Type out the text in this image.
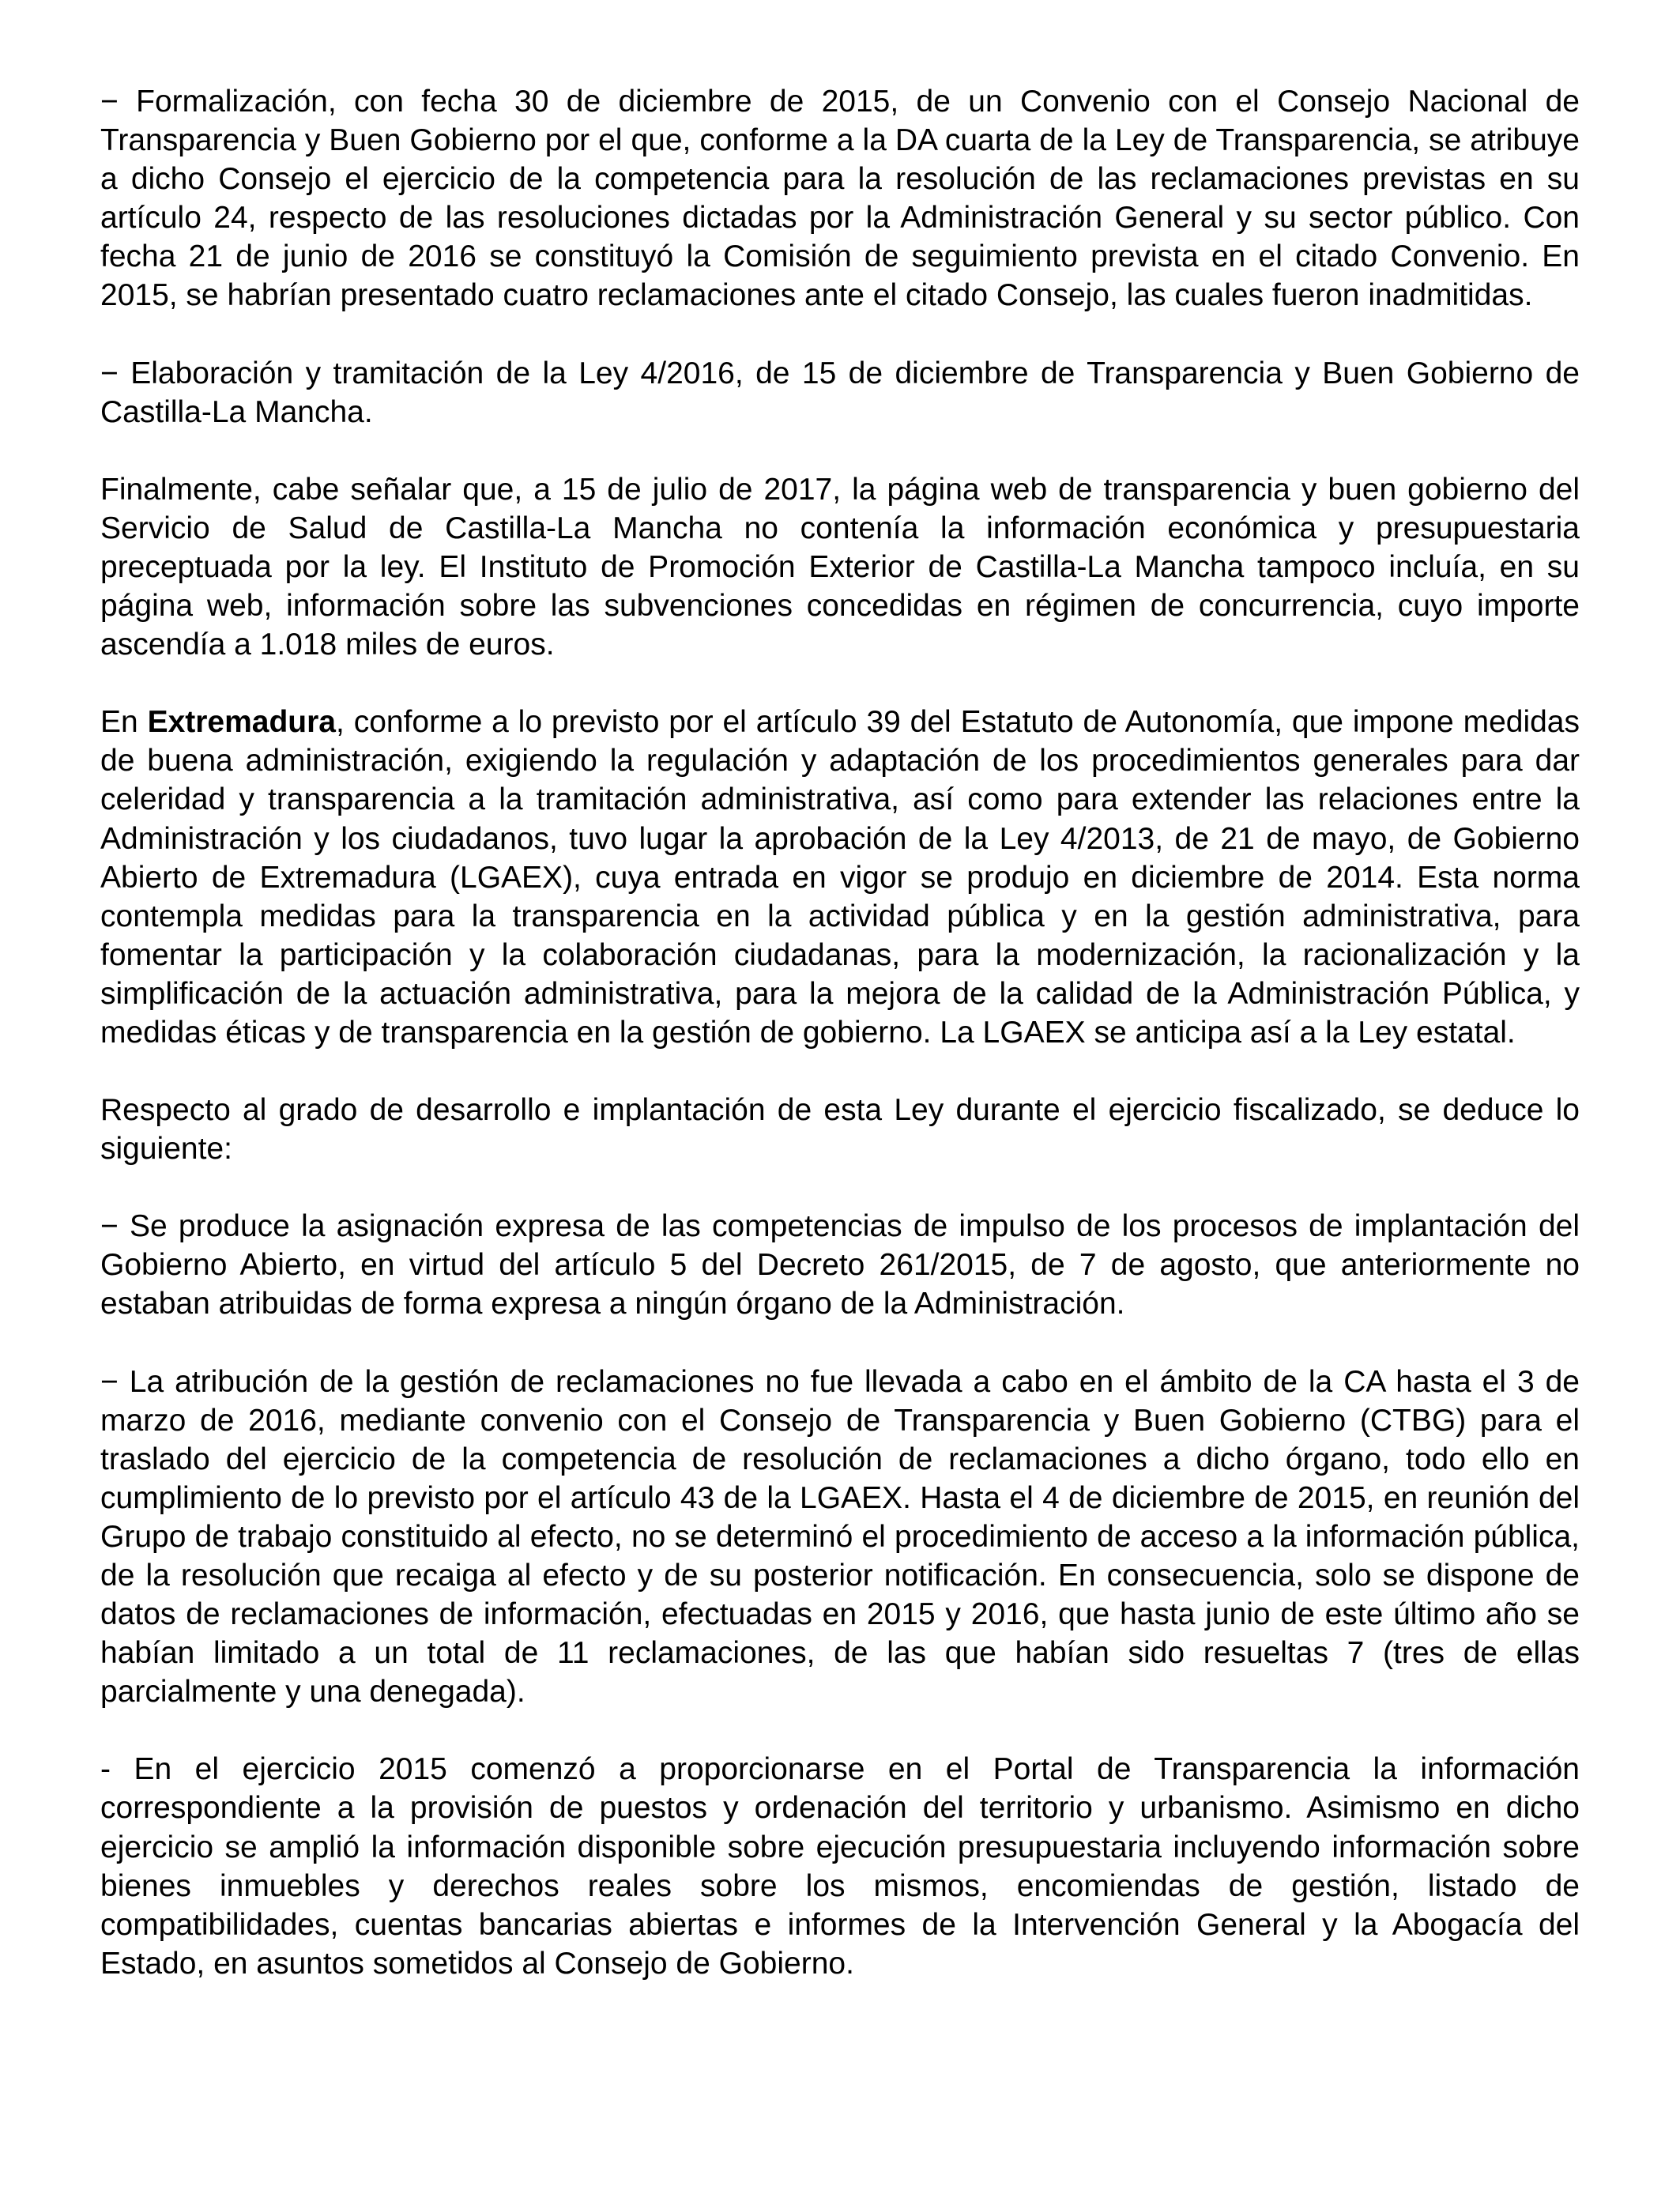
− Formalización, con fecha 30 de diciembre de 2015, de un Convenio con el Consejo Nacional de Transparencia y Buen Gobierno por el que, conforme a la DA cuarta de la Ley de Transparencia, se atribuye a dicho Consejo el ejercicio de la competencia para la resolución de las reclamaciones previstas en su artículo 24, respecto de las resoluciones dictadas por la Administración General y su sector público. Con fecha 21 de junio de 2016 se constituyó la Comisión de seguimiento prevista en el citado Convenio. En 2015, se habrían presentado cuatro reclamaciones ante el citado Consejo, las cuales fueron inadmitidas.

− Elaboración y tramitación de la Ley 4/2016, de 15 de diciembre de Transparencia y Buen Gobierno de Castilla-La Mancha.

Finalmente, cabe señalar que, a 15 de julio de 2017, la página web de transparencia y buen gobierno del Servicio de Salud de Castilla-La Mancha no contenía la información económica y presupuestaria preceptuada por la ley. El Instituto de Promoción Exterior de Castilla-La Mancha tampoco incluía, en su página web, información sobre las subvenciones concedidas en régimen de concurrencia, cuyo importe ascendía a 1.018 miles de euros.

En Extremadura, conforme a lo previsto por el artículo 39 del Estatuto de Autonomía, que impone medidas de buena administración, exigiendo la regulación y adaptación de los procedimientos generales para dar celeridad y transparencia a la tramitación administrativa, así como para extender las relaciones entre la Administración y los ciudadanos, tuvo lugar la aprobación de la Ley 4/2013, de 21 de mayo, de Gobierno Abierto de Extremadura (LGAEX), cuya entrada en vigor se produjo en diciembre de 2014. Esta norma contempla medidas para la transparencia en la actividad pública y en la gestión administrativa, para fomentar la participación y la colaboración ciudadanas, para la modernización, la racionalización y la simplificación de la actuación administrativa, para la mejora de la calidad de la Administración Pública, y medidas éticas y de transparencia en la gestión de gobierno. La LGAEX se anticipa así a la Ley estatal.

Respecto al grado de desarrollo e implantación de esta Ley durante el ejercicio fiscalizado, se deduce lo siguiente:

− Se produce la asignación expresa de las competencias de impulso de los procesos de implantación del Gobierno Abierto, en virtud del artículo 5 del Decreto 261/2015, de 7 de agosto, que anteriormente no estaban atribuidas de forma expresa a ningún órgano de la Administración.

− La atribución de la gestión de reclamaciones no fue llevada a cabo en el ámbito de la CA hasta el 3 de marzo de 2016, mediante convenio con el Consejo de Transparencia y Buen Gobierno (CTBG) para el traslado del ejercicio de la competencia de resolución de reclamaciones a dicho órgano, todo ello en cumplimiento de lo previsto por el artículo 43 de la LGAEX. Hasta el 4 de diciembre de 2015, en reunión del Grupo de trabajo constituido al efecto, no se determinó el procedimiento de acceso a la información pública, de la resolución que recaiga al efecto y de su posterior notificación. En consecuencia, solo se dispone de datos de reclamaciones de información, efectuadas en 2015 y 2016, que hasta junio de este último año se habían limitado a un total de 11 reclamaciones, de las que habían sido resueltas 7 (tres de ellas parcialmente y una denegada).

- En el ejercicio 2015 comenzó a proporcionarse en el Portal de Transparencia la información correspondiente a la provisión de puestos y ordenación del territorio y urbanismo. Asimismo en dicho ejercicio se amplió la información disponible sobre ejecución presupuestaria incluyendo información sobre bienes inmuebles y derechos reales sobre los mismos, encomiendas de gestión, listado de compatibilidades, cuentas bancarias abiertas e informes de la Intervención General y la Abogacía del Estado, en asuntos sometidos al Consejo de Gobierno.
